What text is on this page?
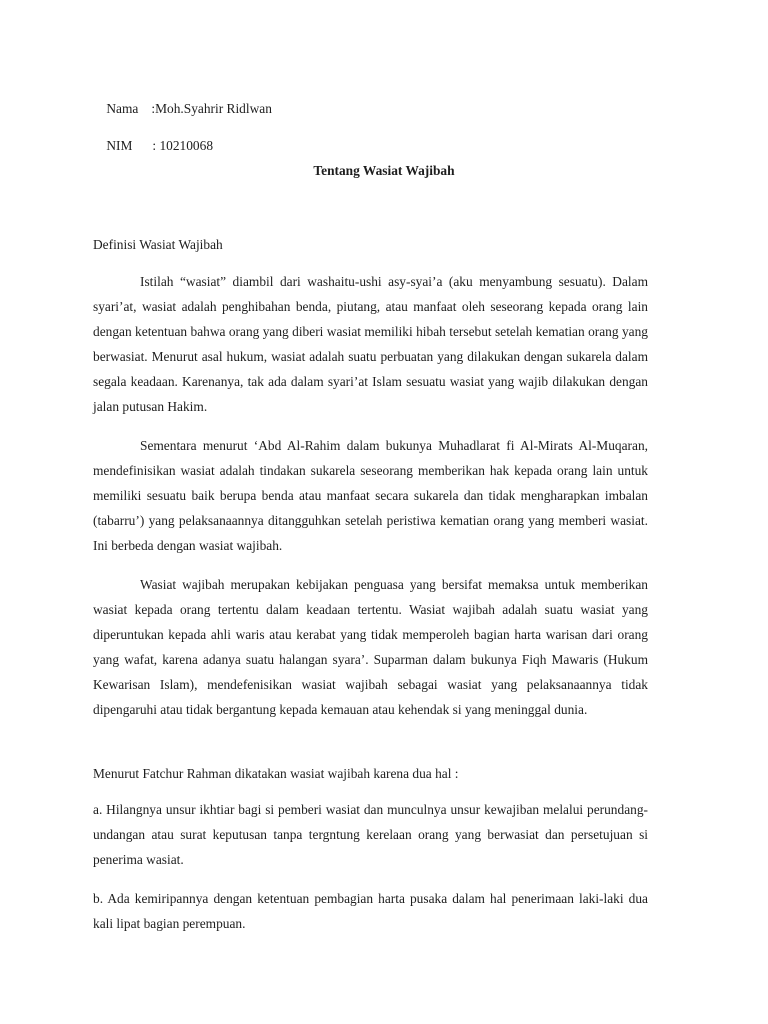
Nama :Moh.Syahrir Ridlwan

NIM : 10210068

Tentang Wasiat Wajibah
Definisi Wasiat Wajibah

Istilah “wasiat” diambil dari washaitu-ushi asy-syai’a (aku menyambung sesuatu). Dalam syari’at, wasiat adalah penghibahan benda, piutang, atau manfaat oleh seseorang kepada orang lain dengan ketentuan bahwa orang yang diberi wasiat memiliki hibah tersebut setelah kematian orang yang berwasiat. Menurut asal hukum, wasiat adalah suatu perbuatan yang dilakukan dengan sukarela dalam segala keadaan. Karenanya, tak ada dalam syari’at Islam sesuatu wasiat yang wajib dilakukan dengan jalan putusan Hakim.

Sementara menurut ‘Abd Al-Rahim dalam bukunya Muhadlarat fi Al-Mirats Al-Muqaran, mendefinisikan wasiat adalah tindakan sukarela seseorang memberikan hak kepada orang lain untuk memiliki sesuatu baik berupa benda atau manfaat secara sukarela dan tidak mengharapkan imbalan (tabarru’) yang pelaksanaannya ditangguhkan setelah peristiwa kematian orang yang memberi wasiat. Ini berbeda dengan wasiat wajibah.

Wasiat wajibah merupakan kebijakan penguasa yang bersifat memaksa untuk memberikan wasiat kepada orang tertentu dalam keadaan tertentu. Wasiat wajibah adalah suatu wasiat yang diperuntukan kepada ahli waris atau kerabat yang tidak memperoleh bagian harta warisan dari orang yang wafat, karena adanya suatu halangan syara’. Suparman dalam bukunya Fiqh Mawaris (Hukum Kewarisan Islam), mendefenisikan wasiat wajibah sebagai wasiat yang pelaksanaannya tidak dipengaruhi atau tidak bergantung kepada kemauan atau kehendak si yang meninggal dunia.

Menurut Fatchur Rahman dikatakan wasiat wajibah karena dua hal :

a. Hilangnya unsur ikhtiar bagi si pemberi wasiat dan munculnya unsur kewajiban melalui perundang-undangan atau surat keputusan tanpa tergntung kerelaan orang yang berwasiat dan persetujuan si penerima wasiat.

b. Ada kemiripannya dengan ketentuan pembagian harta pusaka dalam hal penerimaan laki-laki dua kali lipat bagian perempuan.
